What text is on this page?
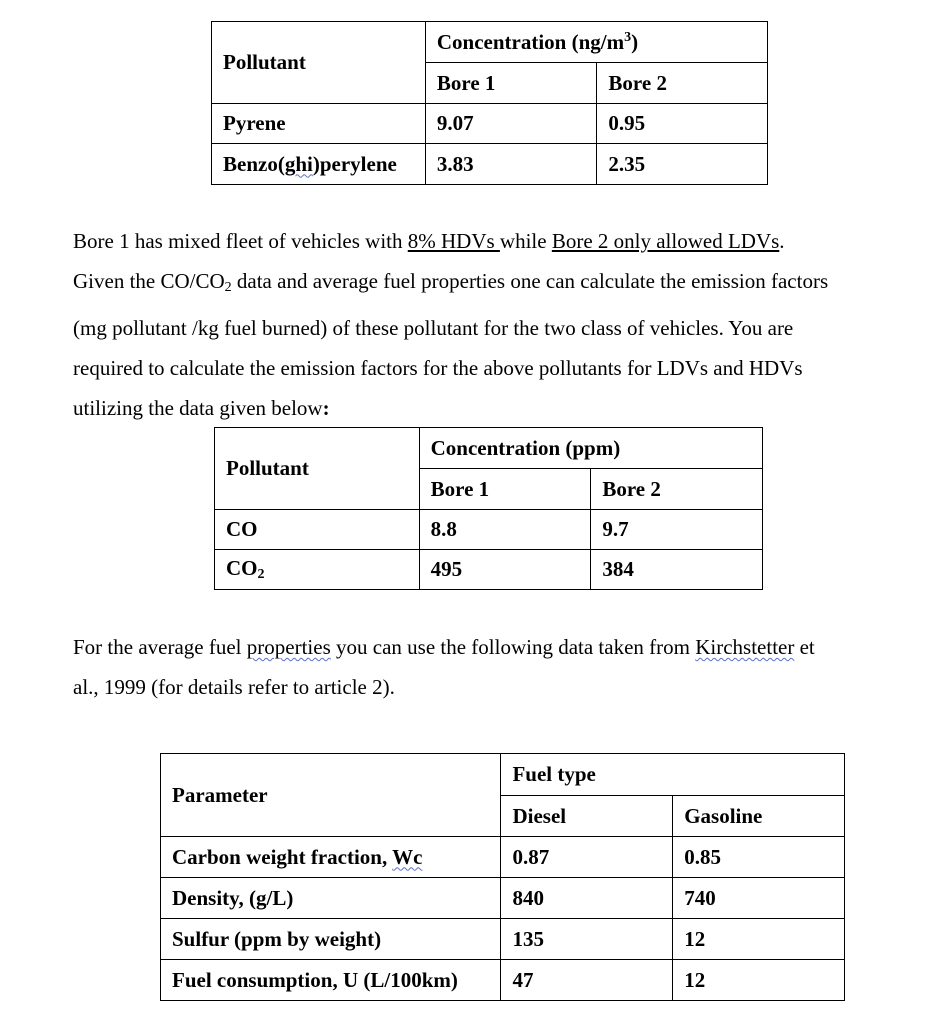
Pollutant	Concentration $(ng/m^3)$	
	Bore 1	Bore 2
Pyrene	9.07	0.95
Benzo(ghi)perylene	3.83	2.35
Bore 1 has mixed fleet of vehicles with 8% HDVs while Bore 2 only allowed LDVs.
Given the $CO/CO_2$ data and average fuel properties one can calculate the emission factors
(mg pollutant /kg fuel burned) of these pollutant for the two class of vehicles. You are
required to calculate the emission factors for the above pollutants for LDVs and HDVs
utilizing the data given below:
Pollutant	Concentration (ppm)	
	Bore 1	Bore 2
CO	8.8	9.7
$CO_2$	495	384
For the average fuel properties you can use the following data taken from Kirchstetter et
al., 1999 (for details refer to article 2).
Parameter	Fuel type	
	Diesel	Gasoline
Carbon weight fraction, Wc	0.87	0.85
Density, (g/L)	840	740
Sulfur (ppm by weight)	135	12
Fuel consumption, U (L/100km)	47	12
